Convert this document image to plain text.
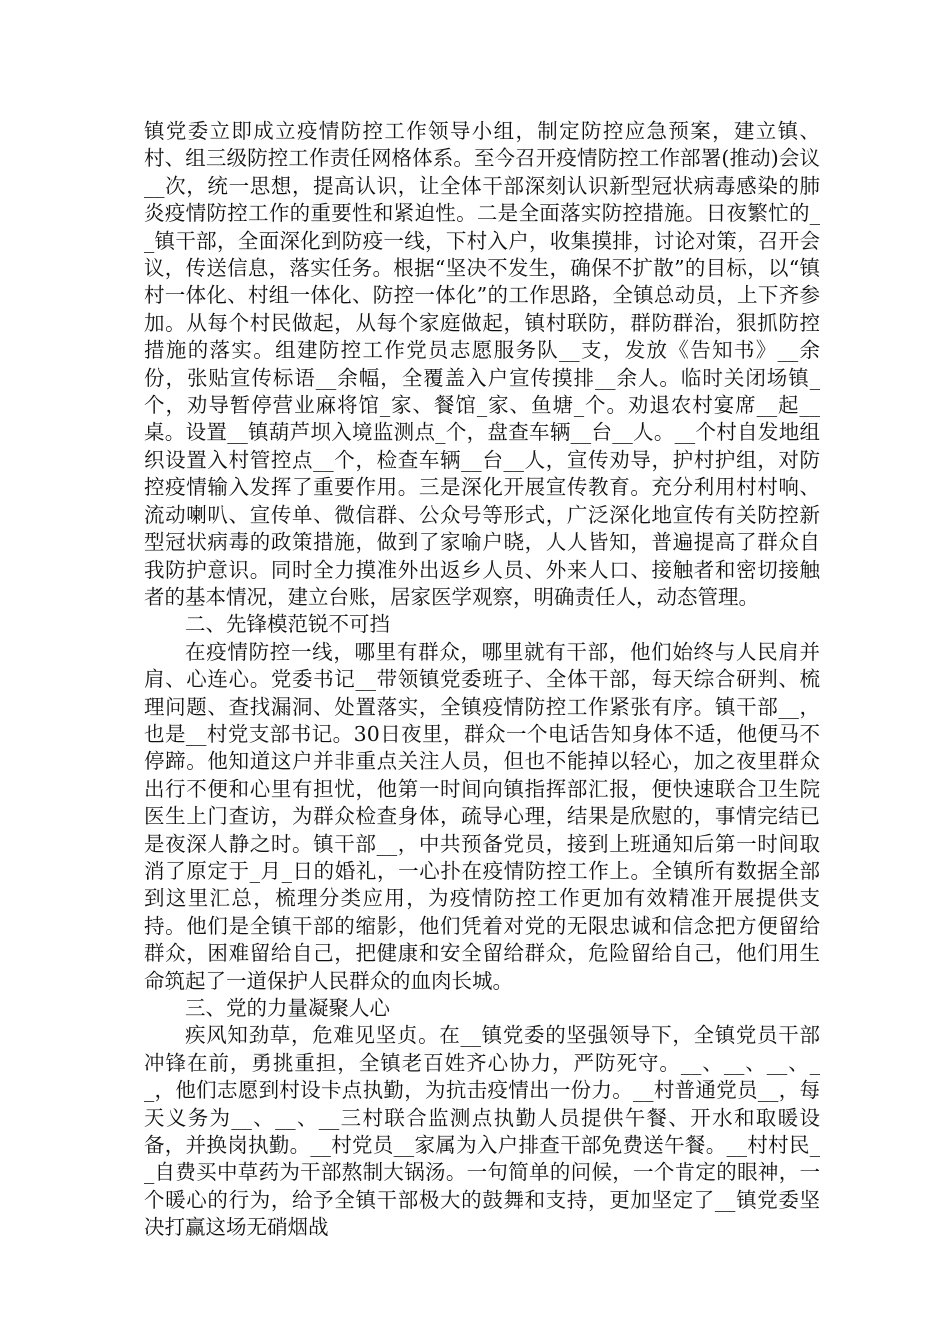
镇党委立即成立疫情防控工作领导小组，制定防控应急预案，建立镇、村、组三级防控工作责任网格体系。至今召开疫情防控工作部署(推动)会议__次，统一思想，提高认识，让全体干部深刻认识新型冠状病毒感染的肺炎疫情防控工作的重要性和紧迫性。二是全面落实防控措施。日夜繁忙的__镇干部，全面深化到防疫一线，下村入户，收集摸排，讨论对策，召开会议，传送信息，落实任务。根据“坚决不发生，确保不扩散”的目标，以“镇村一体化、村组一体化、防控一体化”的工作思路，全镇总动员，上下齐参加。从每个村民做起，从每个家庭做起，镇村联防，群防群治，狠抓防控措施的落实。组建防控工作党员志愿服务队__支，发放《告知书》__余份，张贴宣传标语__余幅，全覆盖入户宣传摸排__余人。临时关闭场镇_个，劝导暂停营业麻将馆_家、餐馆_家、鱼塘_个。劝退农村宴席__起__桌。设置__镇葫芦坝入境监测点_个，盘查车辆__台__人。__个村自发地组织设置入村管控点__个，检查车辆__台__人，宣传劝导，护村护组，对防控疫情输入发挥了重要作用。三是深化开展宣传教育。充分利用村村响、流动喇叭、宣传单、微信群、公众号等形式，广泛深化地宣传有关防控新型冠状病毒的政策措施，做到了家喻户晓，人人皆知，普遍提高了群众自我防护意识。同时全力摸准外出返乡人员、外来人口、接触者和密切接触者的基本情况，建立台账，居家医学观察，明确责任人，动态管理。

二、先锋模范锐不可挡

在疫情防控一线，哪里有群众，哪里就有干部，他们始终与人民肩并肩、心连心。党委书记__带领镇党委班子、全体干部，每天综合研判、梳理问题、查找漏洞、处置落实，全镇疫情防控工作紧张有序。镇干部__，也是__村党支部书记。30日夜里，群众一个电话告知身体不适，他便马不停蹄。他知道这户并非重点关注人员，但也不能掉以轻心，加之夜里群众出行不便和心里有担忧，他第一时间向镇指挥部汇报，便快速联合卫生院医生上门查访，为群众检查身体，疏导心理，结果是欣慰的，事情完结已是夜深人静之时。镇干部__，中共预备党员，接到上班通知后第一时间取消了原定于_月_日的婚礼，一心扑在疫情防控工作上。全镇所有数据全部到这里汇总，梳理分类应用，为疫情防控工作更加有效精准开展提供支持。他们是全镇干部的缩影，他们凭着对党的无限忠诚和信念把方便留给群众，困难留给自己，把健康和安全留给群众，危险留给自己，他们用生命筑起了一道保护人民群众的血肉长城。

三、党的力量凝聚人心

疾风知劲草，危难见坚贞。在__镇党委的坚强领导下，全镇党员干部冲锋在前，勇挑重担，全镇老百姓齐心协力，严防死守。__、__、__、__，他们志愿到村设卡点执勤，为抗击疫情出一份力。__村普通党员__，每天义务为__、__、__三村联合监测点执勤人员提供午餐、开水和取暖设备，并换岗执勤。__村党员__家属为入户排查干部免费送午餐。__村村民__自费买中草药为干部熬制大锅汤。一句简单的问候，一个肯定的眼神，一个暖心的行为，给予全镇干部极大的鼓舞和支持，更加坚定了__镇党委坚决打赢这场无硝烟战
